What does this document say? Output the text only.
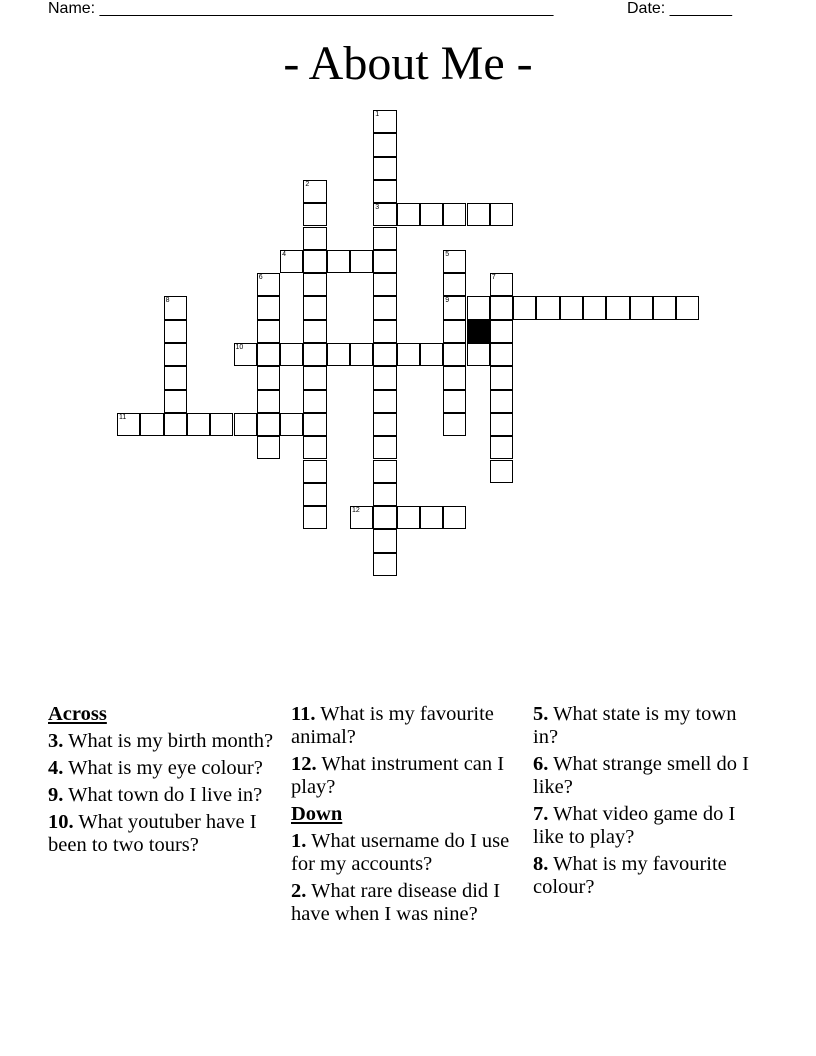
Name: ___________________________________________________	Date: _______
- About Me -
1
3
2
4	5
9
6	7
8
10
11
12
Across
3. What is my birth month?
4. What is my eye colour?
9. What town do I live in?
10. What youtuber have I been to two tours?
11. What is my favourite animal?
12. What instrument can I play?
Down
1. What username do I use for my accounts?
2. What rare disease did I have when I was nine?
5. What state is my town in?
6. What strange smell do I like?
7. What video game do I like to play?
8. What is my favourite colour?
